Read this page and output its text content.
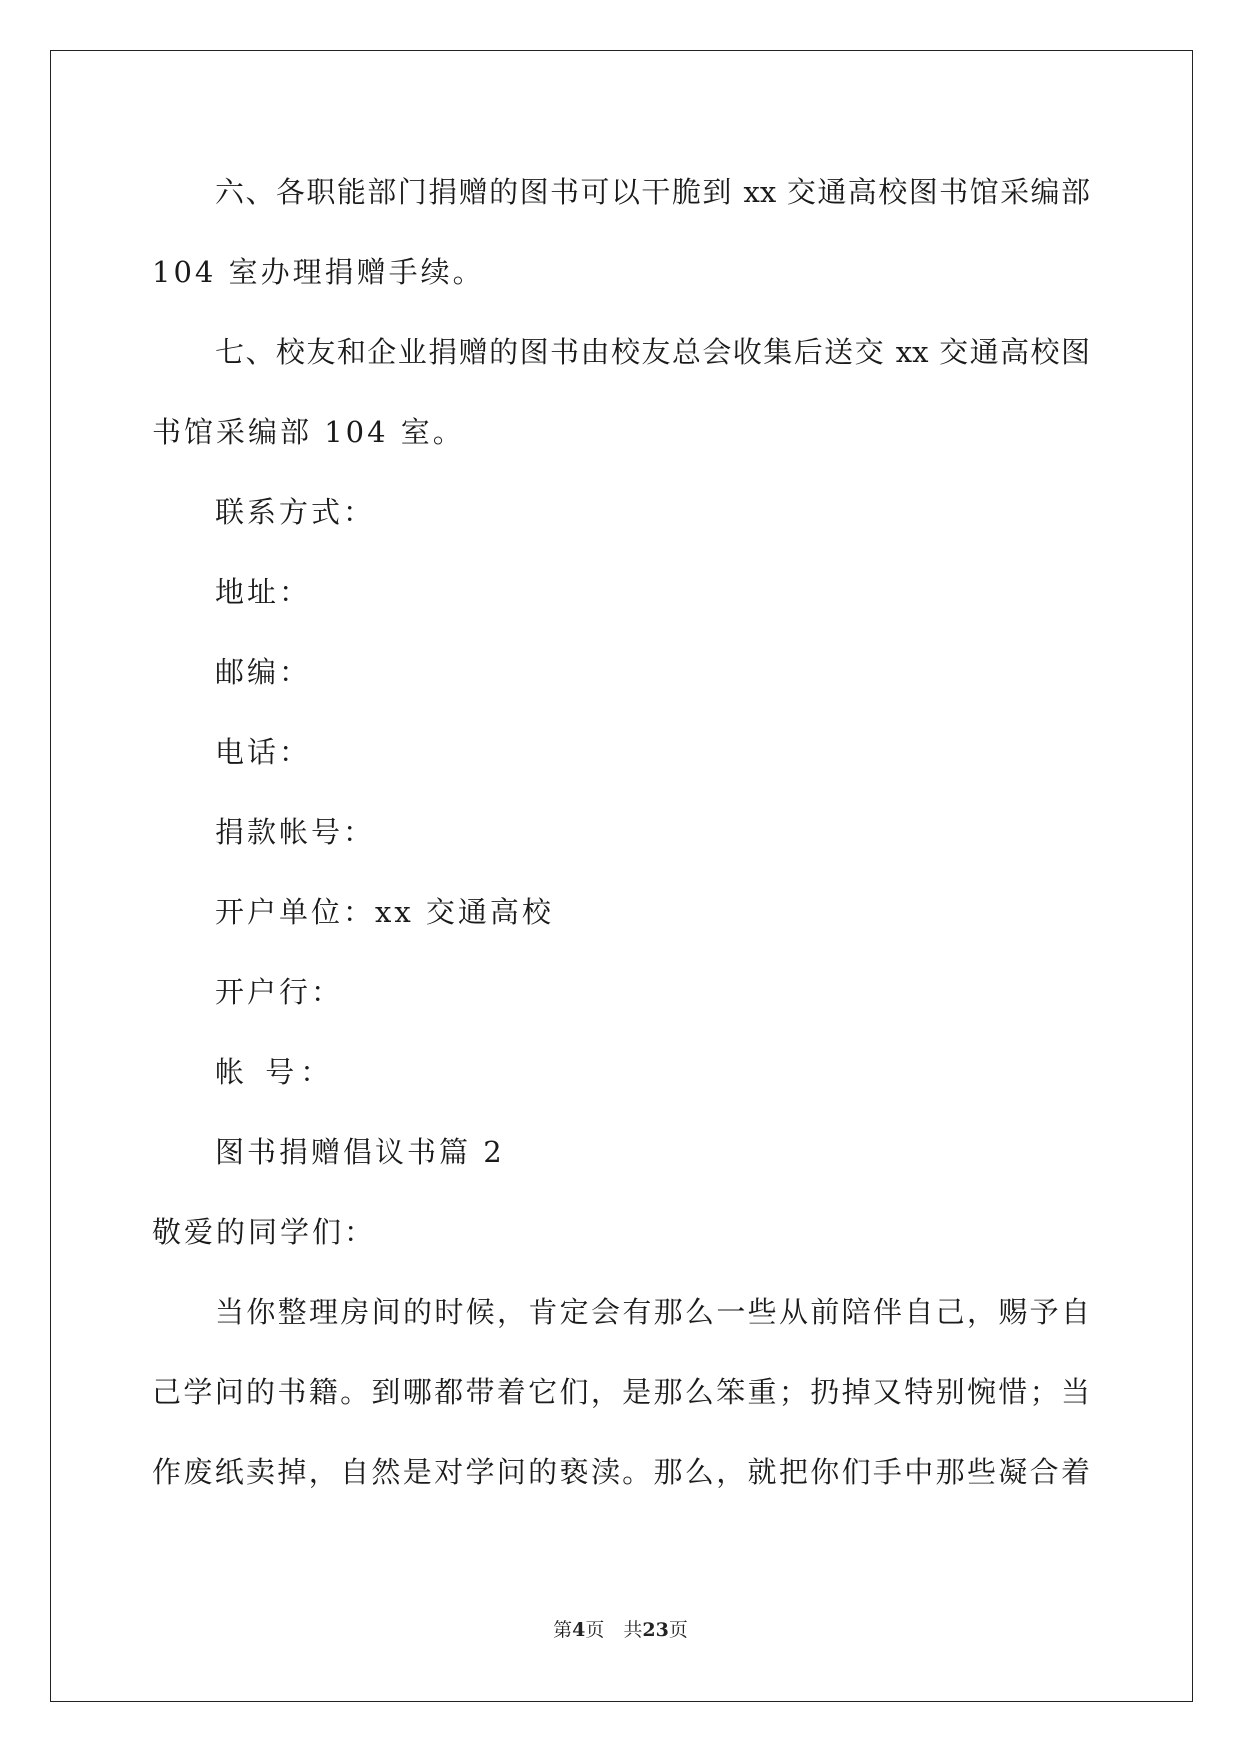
六、各职能部门捐赠的图书可以干脆到 xx 交通高校图书馆采编部
104 室办理捐赠手续。
七、校友和企业捐赠的图书由校友总会收集后送交 xx 交通高校图
书馆采编部 104 室。
联系方式：
地址：
邮编：
电话：
捐款帐号：
开户单位：xx 交通高校
开户行：
帐 号：
图书捐赠倡议书篇 2
敬爱的同学们：
当你整理房间的时候，肯定会有那么一些从前陪伴自己，赐予自
己学问的书籍。到哪都带着它们，是那么笨重；扔掉又特别惋惜；当
作废纸卖掉，自然是对学问的亵渎。那么，就把你们手中那些凝合着
第4页　共23页
